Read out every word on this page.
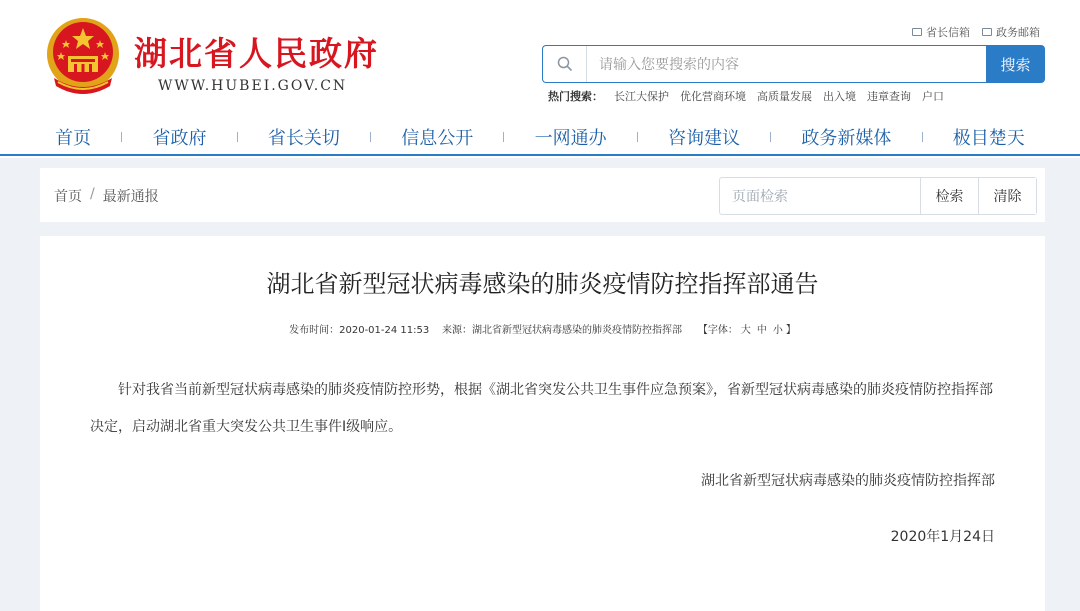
湖北省人民政府
WWW.HUBEI.GOV.CN
省长信箱 政务邮箱
请输入您要搜索的内容
搜索
热门搜索： 长江大保护 优化营商环境 高质量发展 出入境 违章查询 户口
首页	省政府	省长关切	信息公开	一网通办	咨询建议	政务新媒体	极目楚天
首页 / 最新通报
页面检索	检索	清除
湖北省新型冠状病毒感染的肺炎疫情防控指挥部通告
发布时间：2020-01-24 11:53 来源：湖北省新型冠状病毒感染的肺炎疫情防控指挥部 【字体： 大 中 小 】

针对我省当前新型冠状病毒感染的肺炎疫情防控形势，根据《湖北省突发公共卫生事件应急预案》，省新型冠状病毒感染的肺炎疫情防控指挥部决定，启动湖北省重大突发公共卫生事件Ⅰ级响应。

湖北省新型冠状病毒感染的肺炎疫情防控指挥部
2020年1月24日
